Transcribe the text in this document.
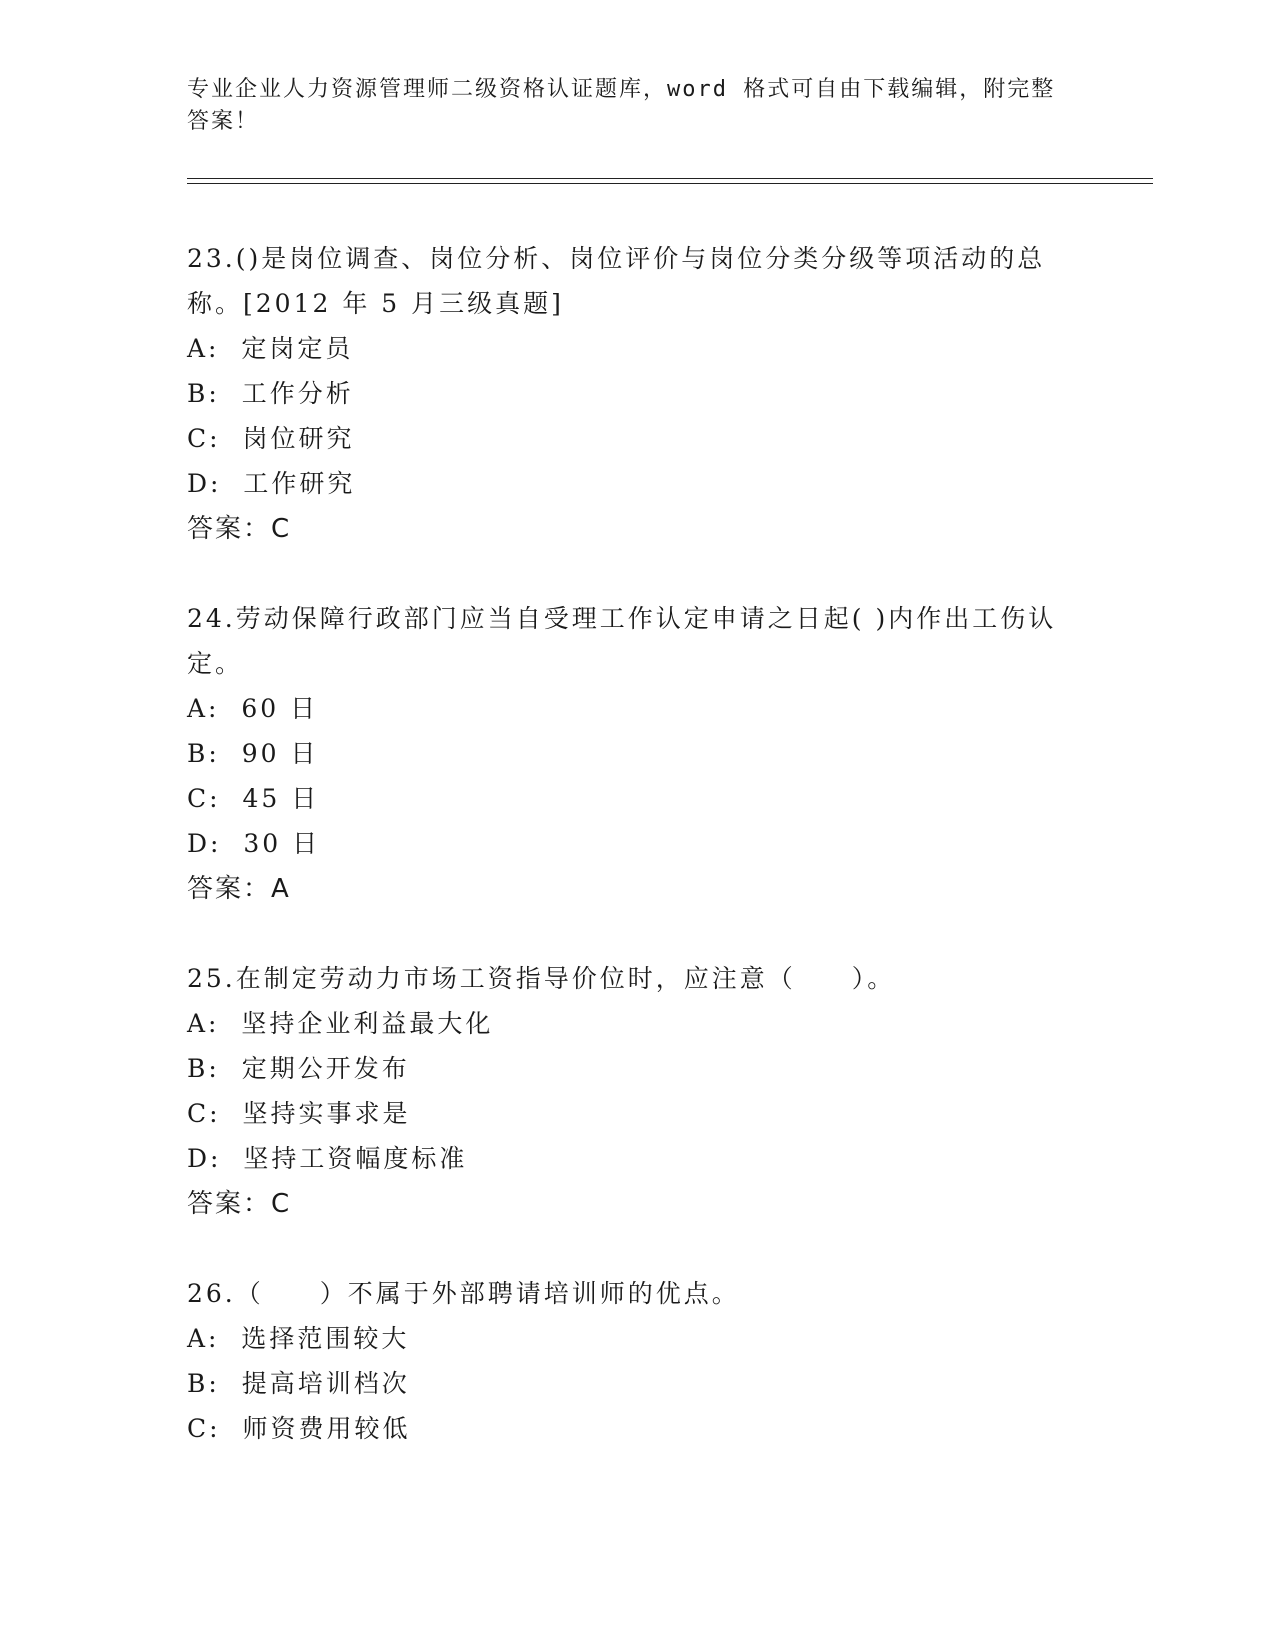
专业企业人力资源管理师二级资格认证题库，word 格式可自由下载编辑，附完整答案！
23.()是岗位调查、岗位分析、岗位评价与岗位分类分级等项活动的总称。[2012 年 5 月三级真题]
A:  定岗定员
B:  工作分析
C:  岗位研究
D:  工作研究
答案：C
24.劳动保障行政部门应当自受理工作认定申请之日起( )内作出工伤认定。
A:  60 日
B:  90 日
C:  45 日
D:  30 日
答案：A
25.在制定劳动力市场工资指导价位时，应注意（　　）。
A:  坚持企业利益最大化
B:  定期公开发布
C:  坚持实事求是
D:  坚持工资幅度标准
答案：C
26.（　　）不属于外部聘请培训师的优点。
A:  选择范围较大
B:  提高培训档次
C:  师资费用较低
